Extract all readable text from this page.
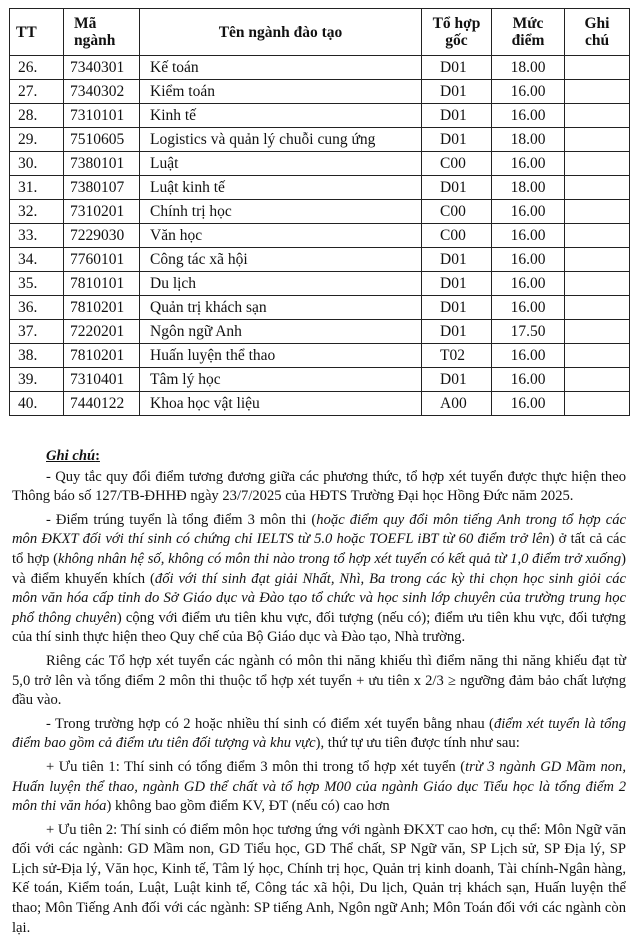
TT	Mã ngành	Tên ngành đào tạo	Tổ hợp gốc	Mức điểm	Ghi chú
26.	7340301	Kế toán	D01	18.00	
27.	7340302	Kiểm toán	D01	16.00	
28.	7310101	Kinh tế	D01	16.00	
29.	7510605	Logistics và quản lý chuỗi cung ứng	D01	18.00	
30.	7380101	Luật	C00	16.00	
31.	7380107	Luật kinh tế	D01	18.00	
32.	7310201	Chính trị học	C00	16.00	
33.	7229030	Văn học	C00	16.00	
34.	7760101	Công tác xã hội	D01	16.00	
35.	7810101	Du lịch	D01	16.00	
36.	7810201	Quản trị khách sạn	D01	16.00	
37.	7220201	Ngôn ngữ Anh	D01	17.50	
38.	7810201	Huấn luyện thể thao	T02	16.00	
39.	7310401	Tâm lý học	D01	16.00	
40.	7440122	Khoa học vật liệu	A00	16.00	

Ghi chú:

- Quy tắc quy đổi điểm tương đương giữa các phương thức, tổ hợp xét tuyển được thực hiện theo Thông báo số 127/TB-ĐHHĐ ngày 23/7/2025 của HĐTS Trường Đại học Hồng Đức năm 2025.

- Điểm trúng tuyển là tổng điểm 3 môn thi (hoặc điểm quy đổi môn tiếng Anh trong tổ hợp các môn ĐKXT đối với thí sinh có chứng chỉ IELTS từ 5.0 hoặc TOEFL iBT từ 60 điểm trở lên) ở tất cả các tổ hợp (không nhân hệ số, không có môn thi nào trong tổ hợp xét tuyển có kết quả từ 1,0 điểm trở xuống) và điểm khuyến khích (đối với thí sinh đạt giải Nhất, Nhì, Ba trong các kỳ thi chọn học sinh giỏi các môn văn hóa cấp tỉnh do Sở Giáo dục và Đào tạo tổ chức và học sinh lớp chuyên của trường trung học phổ thông chuyên) cộng với điểm ưu tiên khu vực, đối tượng (nếu có); điểm ưu tiên khu vực, đối tượng của thí sinh thực hiện theo Quy chế của Bộ Giáo dục và Đào tạo, Nhà trường.

Riêng các Tổ hợp xét tuyển các ngành có môn thi năng khiếu thì điểm năng thi năng khiếu đạt từ 5,0 trở lên và tổng điểm 2 môn thi thuộc tổ hợp xét tuyển + ưu tiên x 2/3 ≥ ngưỡng đảm bảo chất lượng đầu vào.

- Trong trường hợp có 2 hoặc nhiều thí sinh có điểm xét tuyển bằng nhau (điểm xét tuyển là tổng điểm bao gồm cả điểm ưu tiên đối tượng và khu vực), thứ tự ưu tiên được tính như sau:

+ Ưu tiên 1: Thí sinh có tổng điểm 3 môn thi trong tổ hợp xét tuyển (trừ 3 ngành GD Mầm non, Huấn luyện thể thao, ngành GD thể chất và tổ hợp M00 của ngành Giáo dục Tiểu học là tổng điểm 2 môn thi văn hóa) không bao gồm điểm KV, ĐT (nếu có) cao hơn

+ Ưu tiên 2: Thí sinh có điểm môn học tương ứng với ngành ĐKXT cao hơn, cụ thể: Môn Ngữ văn đối với các ngành: GD Mầm non, GD Tiểu học, GD Thể chất, SP Ngữ văn, SP Lịch sử, SP Địa lý, SP Lịch sử-Địa lý, Văn học, Kinh tế, Tâm lý học, Chính trị học, Quản trị kinh doanh, Tài chính-Ngân hàng, Kế toán, Kiểm toán, Luật, Luật kinh tế, Công tác xã hội, Du lịch, Quản trị khách sạn, Huấn luyện thể thao; Môn Tiếng Anh đối với các ngành: SP tiếng Anh, Ngôn ngữ Anh; Môn Toán đối với các ngành còn lại.
